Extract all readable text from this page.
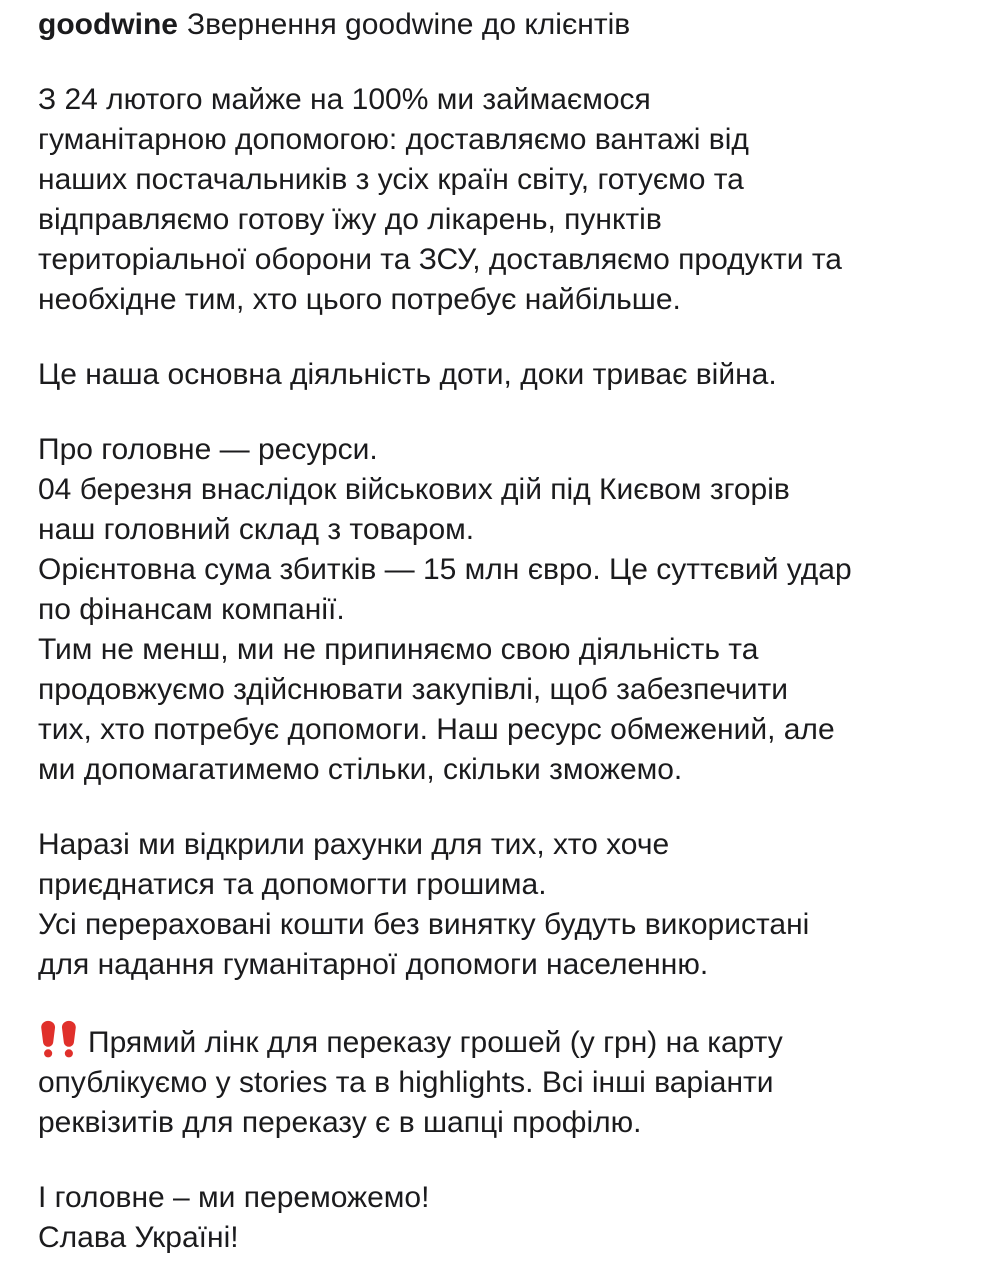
goodwine Звернення goodwine до клієнтів

З 24 лютого майже на 100% ми займаємося
гуманітарною допомогою: доставляємо вантажі від
наших постачальників з усіх країн світу, готуємо та
відправляємо готову їжу до лікарень, пунктів
територіальної оборони та ЗСУ, доставляємо продукти та
необхідне тим, хто цього потребує найбільше.

Це наша основна діяльність доти, доки триває війна.

Про головне — ресурси.
04 березня внаслідок військових дій під Києвом згорів
наш головний склад з товаром.
Орієнтовна сума збитків — 15 млн євро. Це суттєвий удар
по фінансам компанії.
Тим не менш, ми не припиняємо свою діяльність та
продовжуємо здійснювати закупівлі, щоб забезпечити
тих, хто потребує допомоги. Наш ресурс обмежений, але
ми допомагатимемо стільки, скільки зможемо.

Наразі ми відкрили рахунки для тих, хто хоче
приєднатися та допомогти грошима.
Усі перераховані кошти без винятку будуть використані
для надання гуманітарної допомоги населенню.

Прямий лінк для переказу грошей (у грн) на карту
опублікуємо у stories та в highlights. Всі інші варіанти
реквізитів для переказу є в шапці профілю.

І головне – ми переможемо!
Слава Україні!
